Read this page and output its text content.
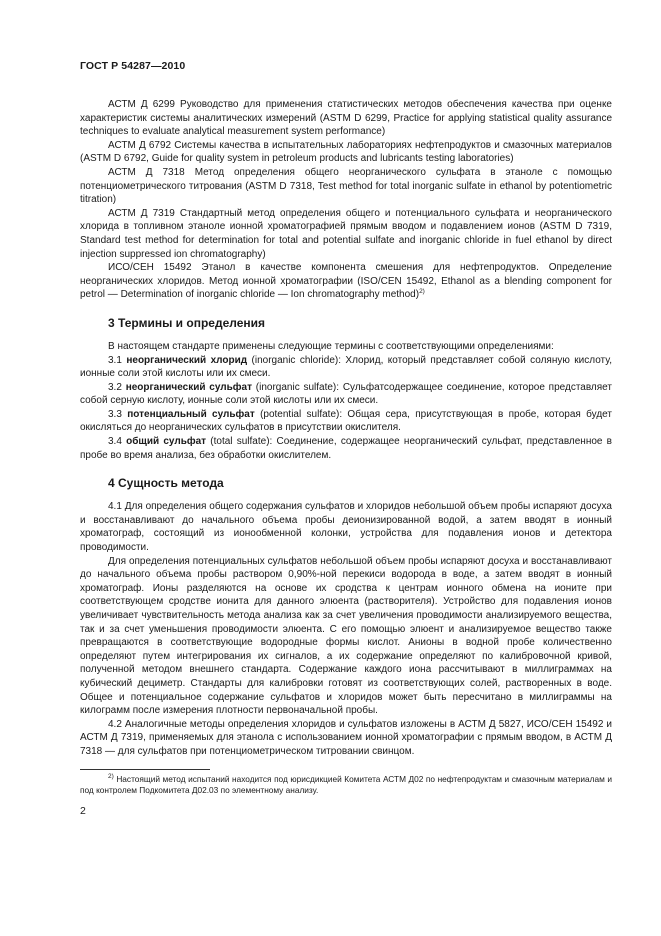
ГОСТ Р 54287—2010

АСТМ Д 6299 Руководство для применения статистических методов обеспечения качества при оценке характеристик системы аналитических измерений (ASTM D 6299, Practice for applying statistical quality assurance techniques to evaluate analytical measurement system performance)

АСТМ Д 6792 Системы качества в испытательных лабораториях нефтепродуктов и смазочных материалов (ASTM D 6792, Guide for quality system in petroleum products and lubricants testing laboratories)

АСТМ Д 7318 Метод определения общего неорганического сульфата в этаноле с помощью потенциометрического титрования (ASTM D 7318, Test method for total inorganic sulfate in ethanol by potentiometric titration)

АСТМ Д 7319 Стандартный метод определения общего и потенциального сульфата и неорганического хлорида в топливном этаноле ионной хроматографией прямым вводом и подавлением ионов (ASTM D 7319, Standard test method for determination for total and potential sulfate and inorganic chloride in fuel ethanol by direct injection suppressed ion chromatography)

ИСО/СЕН 15492 Этанол в качестве компонента смешения для нефтепродуктов. Определение неорганических хлоридов. Метод ионной хроматографии (ISO/CEN 15492, Ethanol as a blending component for petrol — Determination of inorganic chloride — Ion chromatography method)$^{2)}$

3 Термины и определения

В настоящем стандарте применены следующие термины с соответствующими определениями:

3.1 неорганический хлорид (inorganic chloride): Хлорид, который представляет собой соляную кислоту, ионные соли этой кислоты или их смеси.

3.2 неорганический сульфат (inorganic sulfate): Сульфатсодержащее соединение, которое представляет собой серную кислоту, ионные соли этой кислоты или их смеси.

3.3 потенциальный сульфат (potential sulfate): Общая сера, присутствующая в пробе, которая будет окисляться до неорганических сульфатов в присутствии окислителя.

3.4 общий сульфат (total sulfate): Соединение, содержащее неорганический сульфат, представленное в пробе во время анализа, без обработки окислителем.

4 Сущность метода

4.1 Для определения общего содержания сульфатов и хлоридов небольшой объем пробы испаряют досуха и восстанавливают до начального объема пробы деионизированной водой, а затем вводят в ионный хроматограф, состоящий из ионообменной колонки, устройства для подавления ионов и детектора проводимости.

Для определения потенциальных сульфатов небольшой объем пробы испаряют досуха и восстанавливают до начального объема пробы раствором 0,90%-ной перекиси водорода в воде, а затем вводят в ионный хроматограф. Ионы разделяются на основе их сродства к центрам ионного обмена на ионите при соответствующем сродстве ионита для данного элюента (растворителя). Устройство для подавления ионов увеличивает чувствительность метода анализа как за счет увеличения проводимости анализируемого вещества, так и за счет уменьшения проводимости элюента. С его помощью элюент и анализируемое вещество также превращаются в соответствующие водородные формы кислот. Анионы в водной пробе количественно определяют путем интегрирования их сигналов, а их содержание определяют по калибровочной кривой, полученной методом внешнего стандарта. Содержание каждого иона рассчитывают в миллиграммах на кубический дециметр. Стандарты для калибровки готовят из соответствующих солей, растворенных в воде. Общее и потенциальное содержание сульфатов и хлоридов может быть пересчитано в миллиграммы на килограмм после измерения плотности первоначальной пробы.

4.2 Аналогичные методы определения хлоридов и сульфатов изложены в АСТМ Д 5827, ИСО/СЕН 15492 и АСТМ Д 7319, применяемых для этанола с использованием ионной хроматографии с прямым вводом, в АСТМ Д 7318 — для сульфатов при потенциометрическом титровании свинцом.

$^{2)}$ Настоящий метод испытаний находится под юрисдикцией Комитета АСТМ Д02 по нефтепродуктам и смазочным материалам и под контролем Подкомитета Д02.03 по элементному анализу.
2
